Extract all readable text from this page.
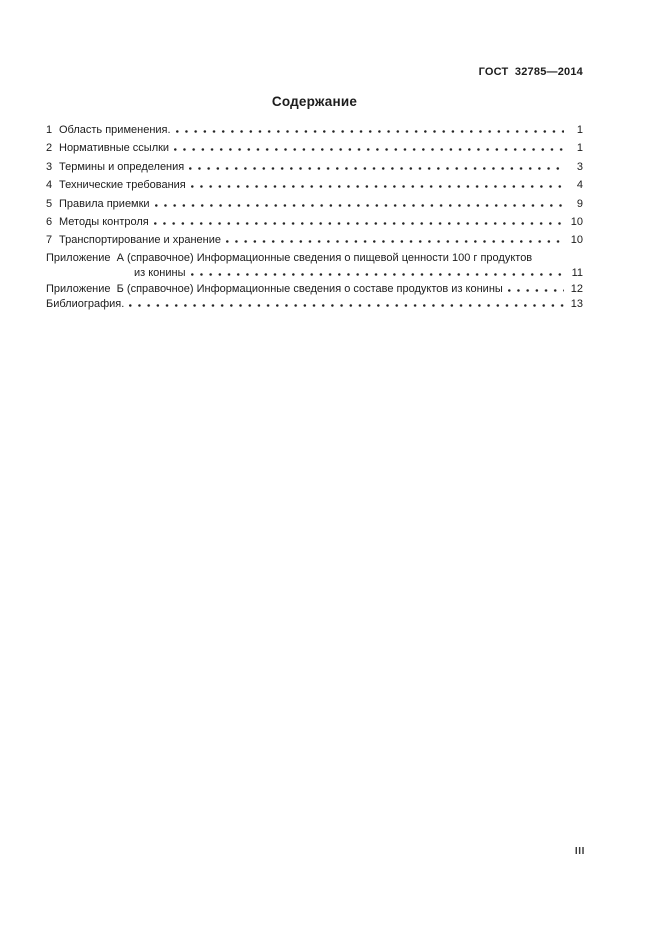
ГОСТ  32785—2014
Содержание
1 Область применения.	1
2 Нормативные ссылки	1
3 Термины и определения	3
4 Технические требования	4
5 Правила приемки	9
6 Методы контроля	10
7 Транспортирование и хранение	10
Приложение  А (справочное) Информационные сведения о пищевой ценности 100 г продуктов
из конины	11
Приложение  Б (справочное) Информационные сведения о составе продуктов из конины	12
Библиография.	13
III
